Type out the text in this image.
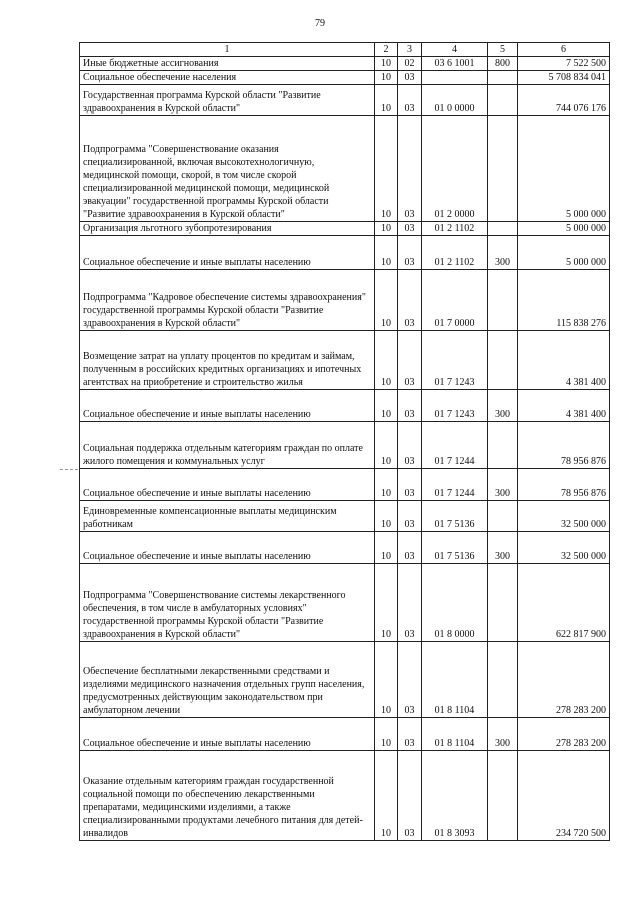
79
1	2	3	4	5	6
Иные бюджетные ассигнования	10	02	03 6 1001	800	7 522 500
Социальное обеспечение населения	10	03			5 708 834 041
Государственная программа Курской области "Развитие здравоохранения в Курской области"	10	03	01 0 0000		744 076 176
Подпрограмма "Совершенствование оказания специализированной, включая высокотехнологичную, медицинской помощи, скорой, в том числе скорой специализированной медицинской помощи, медицинской эвакуации" государственной программы Курской области "Развитие здравоохранения в Курской области"	10	03	01 2 0000		5 000 000
Организация льготного зубопротезирования	10	03	01 2 1102		5 000 000
Социальное обеспечение и иные выплаты населению	10	03	01 2 1102	300	5 000 000
Подпрограмма "Кадровое обеспечение системы здравоохранения" государственной программы Курской области "Развитие здравоохранения в Курской области"	10	03	01 7 0000		115 838 276
Возмещение затрат на уплату процентов по кредитам и займам, полученным в российских кредитных организациях и ипотечных агентствах на приобретение и строительство жилья	10	03	01 7 1243		4 381 400
Социальное обеспечение и иные выплаты населению	10	03	01 7 1243	300	4 381 400
Социальная поддержка отдельным категориям граждан по оплате жилого помещения и коммунальных услуг	10	03	01 7 1244		78 956 876
Социальное обеспечение и иные выплаты населению	10	03	01 7 1244	300	78 956 876
Единовременные компенсационные выплаты медицинским работникам	10	03	01 7 5136		32 500 000
Социальное обеспечение и иные выплаты населению	10	03	01 7 5136	300	32 500 000
Подпрограмма "Совершенствование системы лекарственного обеспечения, в том числе в амбулаторных условиях" государственной программы Курской области "Развитие здравоохранения в Курской области"	10	03	01 8 0000		622 817 900
Обеспечение бесплатными лекарственными средствами и изделиями медицинского назначения отдельных групп населения, предусмотренных действующим законодательством при амбулаторном лечении	10	03	01 8 1104		278 283 200
Социальное обеспечение и иные выплаты населению	10	03	01 8 1104	300	278 283 200
Оказание отдельным категориям граждан государственной социальной помощи по обеспечению лекарственными препаратами, медицинскими изделиями, а также специализированными продуктами лечебного питания для детей-инвалидов	10	03	01 8 3093		234 720 500
